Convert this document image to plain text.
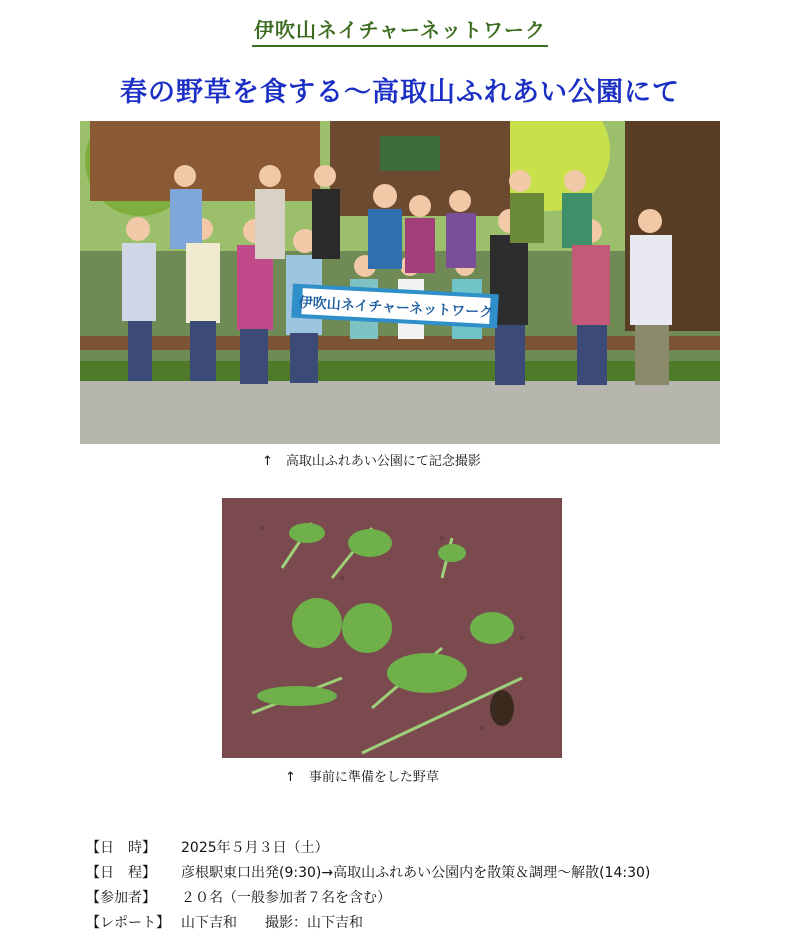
伊吹山ネイチャーネットワーク
春の野草を食する～高取山ふれあい公園にて
伊吹山ネイチャーネットワーク
↑　高取山ふれあい公園にて記念撮影
↑　事前に準備をした野草
【日　時】 2025年５月３日（土）
【日　程】 彦根駅東口出発(9:30)→高取山ふれあい公園内を散策＆調理～解散(14:30)
【参加者】 ２０名（一般参加者７名を含む）
【レポート】 山下吉和　　撮影：山下吉和
